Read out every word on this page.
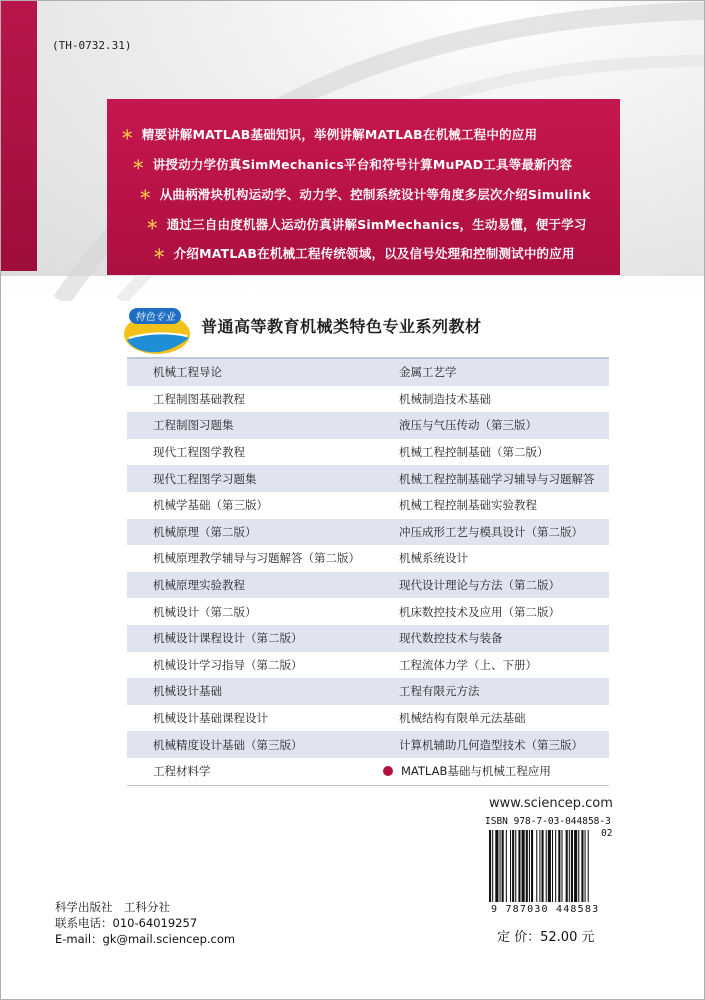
(TH-0732.31)
＊ 精要讲解MATLAB基础知识，举例讲解MATLAB在机械工程中的应用
＊ 讲授动力学仿真SimMechanics平台和符号计算MuPAD工具等最新内容
＊ 从曲柄滑块机构运动学、动力学、控制系统设计等角度多层次介绍Simulink
＊ 通过三自由度机器人运动仿真讲解SimMechanics，生动易懂，便于学习
＊ 介绍MATLAB在机械工程传统领域，以及信号处理和控制测试中的应用
特色专业 普通高等教育机械类特色专业系列教材
机械工程导论	金属工艺学
工程制图基础教程	机械制造技术基础
工程制图习题集	液压与气压传动（第三版）
现代工程图学教程	机械工程控制基础（第二版）
现代工程图学习题集	机械工程控制基础学习辅导与习题解答
机械学基础（第三版）	机械工程控制基础实验教程
机械原理（第二版）	冲压成形工艺与模具设计（第二版）
机械原理教学辅导与习题解答（第二版）	机械系统设计
机械原理实验教程	现代设计理论与方法（第二版）
机械设计（第二版）	机床数控技术及应用（第二版）
机械设计课程设计（第二版）	现代数控技术与装备
机械设计学习指导（第二版）	工程流体力学（上、下册）
机械设计基础	工程有限元方法
机械设计基础课程设计	机械结构有限单元法基础
机械精度设计基础（第三版）	计算机辅助几何造型技术（第三版）
工程材料学	MATLAB基础与机械工程应用
www.sciencep.com
ISBN 978-7-03-044858-3
02
9 787030 448583
定 价：52.00 元
科学出版社　工科分社
联系电话：010-64019257
E-mail：gk@mail.sciencep.com
